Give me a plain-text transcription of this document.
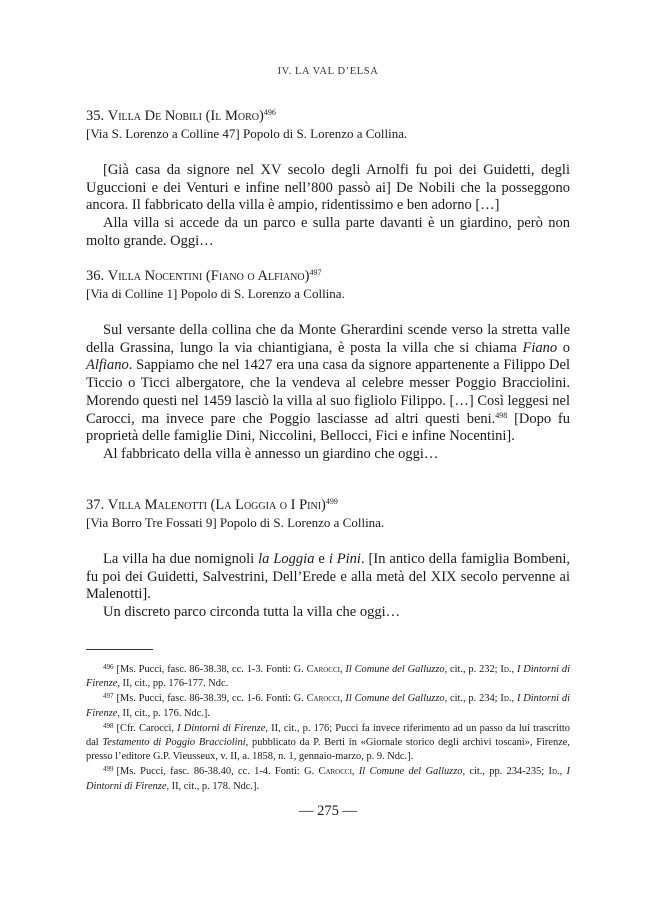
IV. LA VAL D’ELSA

35. Villa De Nobili (Il Moro)$^{496}$

[Via S. Lorenzo a Colline 47] Popolo di S. Lorenzo a Collina.

[Già casa da signore nel XV secolo degli Arnolfi fu poi dei Guidetti, degli Uguccioni e dei Venturi e infine nell’800 passò ai] De Nobili che la posseggono ancora. Il fabbricato della villa è ampio, ridentissimo e ben adorno […]

Alla villa si accede da un parco e sulla parte davanti è un giardino, però non molto grande. Oggi…

36. Villa Nocentini (Fiano o Alfiano)$^{497}$

[Via di Colline 1] Popolo di S. Lorenzo a Collina.

Sul versante della collina che da Monte Gherardini scende verso la stretta valle della Grassina, lungo la via chiantigiana, è posta la villa che si chiama Fiano o Alfiano. Sappiamo che nel 1427 era una casa da signore appartenente a Filippo Del Ticcio o Ticci albergatore, che la vendeva al celebre messer Poggio Bracciolini. Morendo questi nel 1459 lasciò la villa al suo figliolo Filippo. […] Così leggesi nel Carocci, ma invece pare che Poggio lasciasse ad altri questi beni.$^{498}$ [Dopo fu proprietà delle famiglie Dini, Niccolini, Bellocci, Fici e infine Nocentini].

Al fabbricato della villa è annesso un giardino che oggi…

37. Villa Malenotti (La Loggia o I Pini)$^{499}$

[Via Borro Tre Fossati 9] Popolo di S. Lorenzo a Collina.

La villa ha due nomignoli la Loggia e i Pini. [In antico della famiglia Bombeni, fu poi dei Guidetti, Salvestrini, Dell’Erede e alla metà del XIX secolo pervenne ai Malenotti].

Un discreto parco circonda tutta la villa che oggi…

$^{496}$ [Ms. Pucci, fasc. 86-38.38, cc. 1-3. Fonti: G. Carocci, Il Comune del Galluzzo, cit., p. 232; Id., I Dintorni di Firenze, II, cit., pp. 176-177. Ndc.

$^{497}$ [Ms. Pucci, fasc. 86-38.39, cc. 1-6. Fonti: G. Carocci, Il Comune del Galluzzo, cit., p. 234; Id., I Dintorni di Firenze, II, cit., p. 176. Ndc.].

$^{498}$ [Cfr. Carocci, I Dintorni di Firenze, II, cit., p. 176; Pucci fa invece riferimento ad un passo da lui trascritto dal Testamento di Poggio Bracciolini, pubblicato da P. Berti in «Giornale storico degli archivi toscani», Firenze, presso l’editore G.P. Vieusseux, v. II, a. 1858, n. 1, gennaio-marzo, p. 9. Ndc.].

$^{499}$ [Ms. Pucci, fasc. 86-38.40, cc. 1-4. Fonti: G. Carocci, Il Comune del Galluzzo, cit., pp. 234-235; Id., I Dintorni di Firenze, II, cit., p. 178. Ndc.].

— 275 —
